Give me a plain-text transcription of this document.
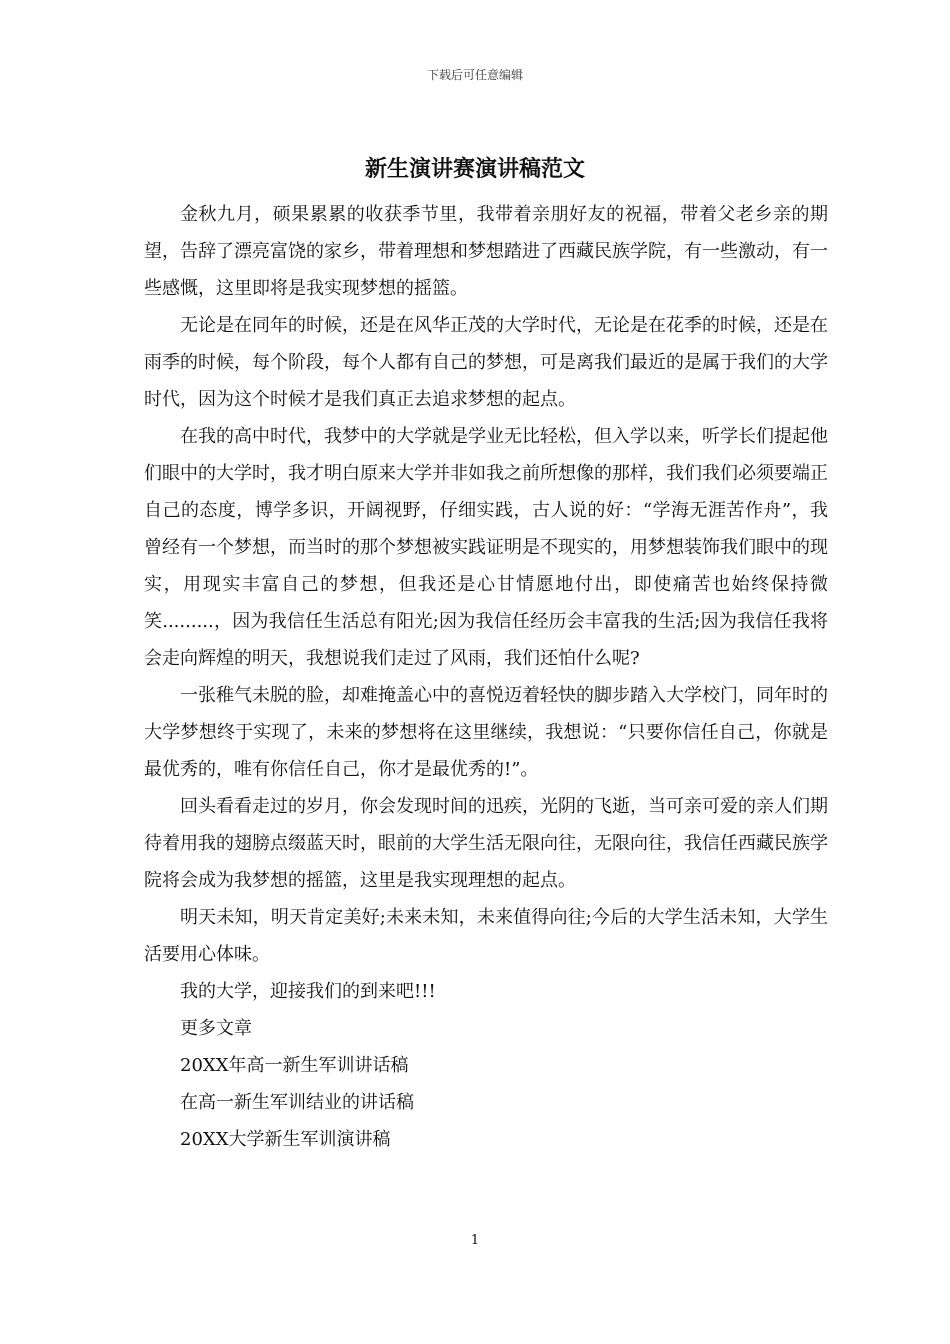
下载后可任意编辑
新生演讲赛演讲稿范文

金秋九月，硕果累累的收获季节里，我带着亲朋好友的祝福，带着父老乡亲的期望，告辞了漂亮富饶的家乡，带着理想和梦想踏进了西藏民族学院，有一些激动，有一些感慨，这里即将是我实现梦想的摇篮。

无论是在同年的时候，还是在风华正茂的大学时代，无论是在花季的时候，还是在雨季的时候，每个阶段，每个人都有自己的梦想，可是离我们最近的是属于我们的大学时代，因为这个时候才是我们真正去追求梦想的起点。

在我的高中时代，我梦中的大学就是学业无比轻松，但入学以来，听学长们提起他们眼中的大学时，我才明白原来大学并非如我之前所想像的那样，我们我们必须要端正自己的态度，博学多识，开阔视野，仔细实践，古人说的好：“学海无涯苦作舟”，我曾经有一个梦想，而当时的那个梦想被实践证明是不现实的，用梦想装饰我们眼中的现实，用现实丰富自己的梦想，但我还是心甘情愿地付出，即使痛苦也始终保持微笑.........，因为我信任生活总有阳光;因为我信任经历会丰富我的生活;因为我信任我将会走向辉煌的明天，我想说我们走过了风雨，我们还怕什么呢?

一张稚气未脱的脸，却难掩盖心中的喜悦迈着轻快的脚步踏入大学校门，同年时的大学梦想终于实现了，未来的梦想将在这里继续，我想说：“只要你信任自己，你就是最优秀的，唯有你信任自己，你才是最优秀的!”。

回头看看走过的岁月，你会发现时间的迅疾，光阴的飞逝，当可亲可爱的亲人们期待着用我的翅膀点缀蓝天时，眼前的大学生活无限向往，无限向往，我信任西藏民族学院将会成为我梦想的摇篮，这里是我实现理想的起点。

明天未知，明天肯定美好;未来未知，未来值得向往;今后的大学生活未知，大学生活要用心体味。

我的大学，迎接我们的到来吧!!!

更多文章

20XX年高一新生军训讲话稿
在高一新生军训结业的讲话稿
20XX大学新生军训演讲稿
1
